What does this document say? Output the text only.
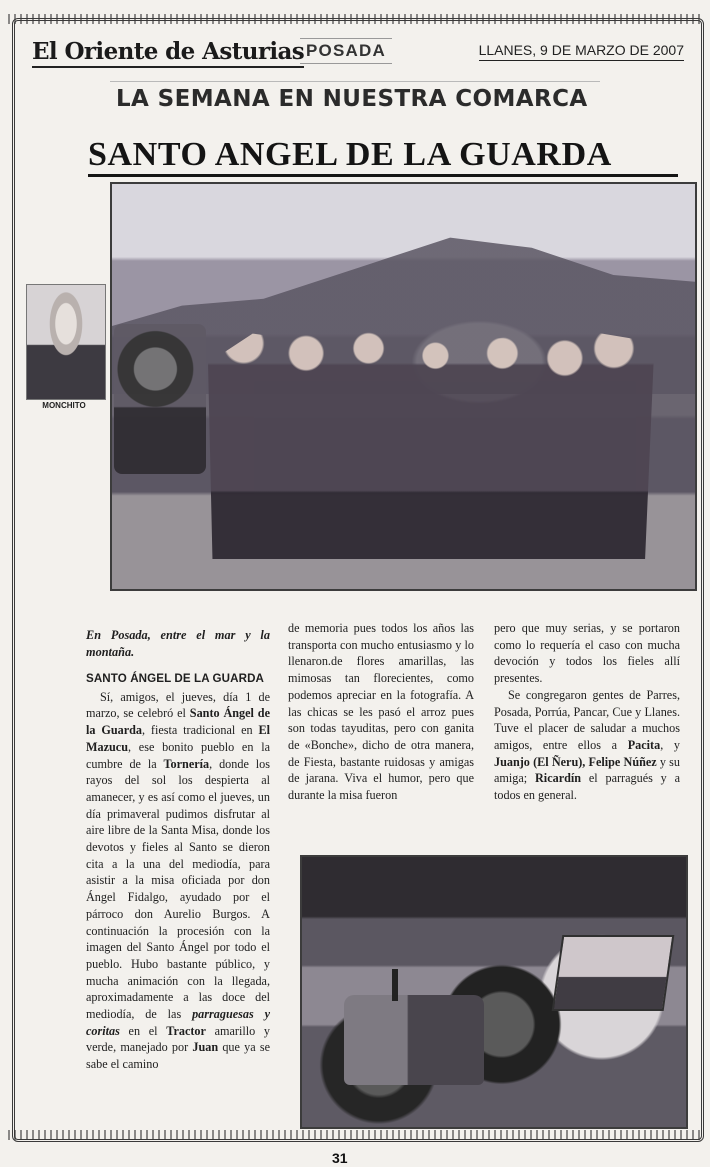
El Oriente de Asturias POSADA	LLANES, 9 DE MARZO DE 2007
LA SEMANA EN NUESTRA COMARCA
SANTO ANGEL DE LA GUARDA
MONCHITO
En Posada, entre el mar y la montaña.
SANTO ÁNGEL DE LA GUARDA

Sí, amigos, el jueves, día 1 de marzo, se celebró el Santo Ángel de la Guarda, fiesta tradicional en El Mazucu, ese bonito pueblo en la cumbre de la Tornería, donde los rayos del sol los despierta al amanecer, y es así como el jueves, un día primaveral pudimos disfrutar al aire libre de la Santa Misa, donde los devotos y fieles al Santo se dieron cita a la una del mediodía, para asistir a la misa oficiada por don Ángel Fidalgo, ayudado por el párroco don Aurelio Burgos. A continuación la procesión con la imagen del Santo Ángel por todo el pueblo. Hubo bastante público, y mucha animación con la llegada, aproximadamente a las doce del mediodía, de las parraguesas y coritas en el Tractor amarillo y verde, manejado por Juan que ya se sabe el camino

de memoria pues todos los años las transporta con mucho entusiasmo y lo llenaron.de flores amarillas, las mimosas tan florecientes, como podemos apreciar en la fotografía. A las chicas se les pasó el arroz pues son todas tayuditas, pero con ganita de «Bonche», dicho de otra manera, de Fiesta, bastante ruidosas y amigas de jarana. Viva el humor, pero que durante la misa fueron

pero que muy serias, y se portaron como lo requería el caso con mucha devoción y todos los fieles allí presentes.

Se congregaron gentes de Parres, Posada, Porrúa, Pancar, Cue y Llanes. Tuve el placer de saludar a muchos amigos, entre ellos a Pacita, y Juanjo (El Ñeru), Felipe Núñez y su amiga; Ricardín el parragués y a todos en general.

31
